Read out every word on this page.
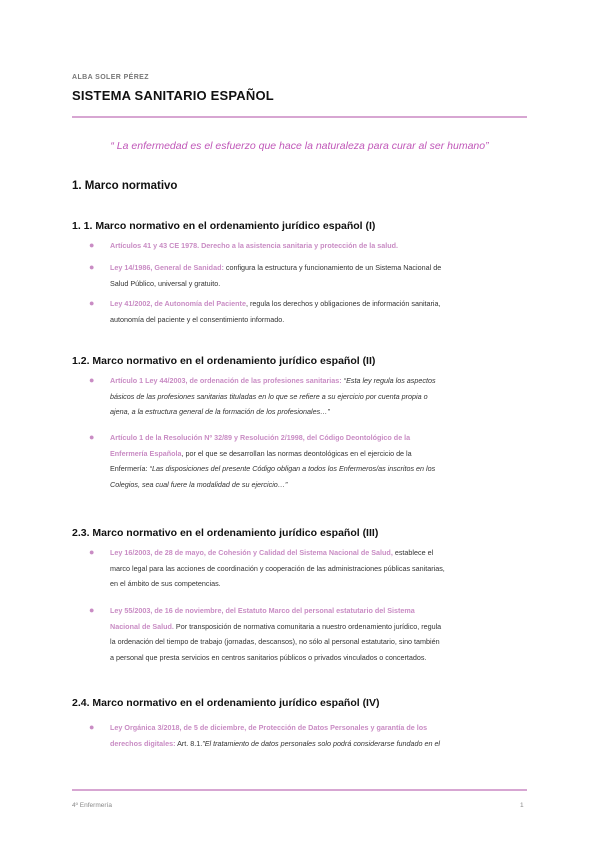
ALBA SOLER PÉREZ
SISTEMA SANITARIO ESPAÑOL
“ La enfermedad es el esfuerzo que hace la naturaleza para curar al ser humano”
1. Marco normativo
1. 1. Marco normativo en el ordenamiento jurídico español (I)
●	Artículos 41 y 43 CE 1978. Derecho a la asistencia sanitaria y protección de la salud.
●	Ley 14/1986, General de Sanidad: configura la estructura y funcionamiento de un Sistema Nacional de
Salud Público, universal y gratuito.
●	Ley 41/2002, de Autonomía del Paciente, regula los derechos y obligaciones de información sanitaria,
autonomía del paciente y el consentimiento informado.
1.2. Marco normativo en el ordenamiento jurídico español (II)
●	Artículo 1 Ley 44/2003, de ordenación de las profesiones sanitarias: “Esta ley regula los aspectos
básicos de las profesiones sanitarias tituladas en lo que se refiere a su ejercicio por cuenta propia o
ajena, a la estructura general de la formación de los profesionales…”
●	Artículo 1 de la Resolución Nº 32/89 y Resolución 2/1998, del Código Deontológico de la
Enfermería Española, por el que se desarrollan las normas deontológicas en el ejercicio de la
Enfermería: “Las disposiciones del presente Código obligan a todos los Enfermeros/as inscritos en los
Colegios, sea cual fuere la modalidad de su ejercicio…”
2.3. Marco normativo en el ordenamiento jurídico español (III)
●	Ley 16/2003, de 28 de mayo, de Cohesión y Calidad del Sistema Nacional de Salud, establece el
marco legal para las acciones de coordinación y cooperación de las administraciones públicas sanitarias,
en el ámbito de sus competencias.
●	Ley 55/2003, de 16 de noviembre, del Estatuto Marco del personal estatutario del Sistema
Nacional de Salud. Por transposición de normativa comunitaria a nuestro ordenamiento jurídico, regula
la ordenación del tiempo de trabajo (jornadas, descansos), no sólo al personal estatutario, sino también
a personal que presta servicios en centros sanitarios públicos o privados vinculados o concertados.
2.4. Marco normativo en el ordenamiento jurídico español (IV)
●	Ley Orgánica 3/2018, de 5 de diciembre, de Protección de Datos Personales y garantía de los
derechos digitales: Art. 8.1.”El tratamiento de datos personales solo podrá considerarse fundado en el
4º Enfermería	1
